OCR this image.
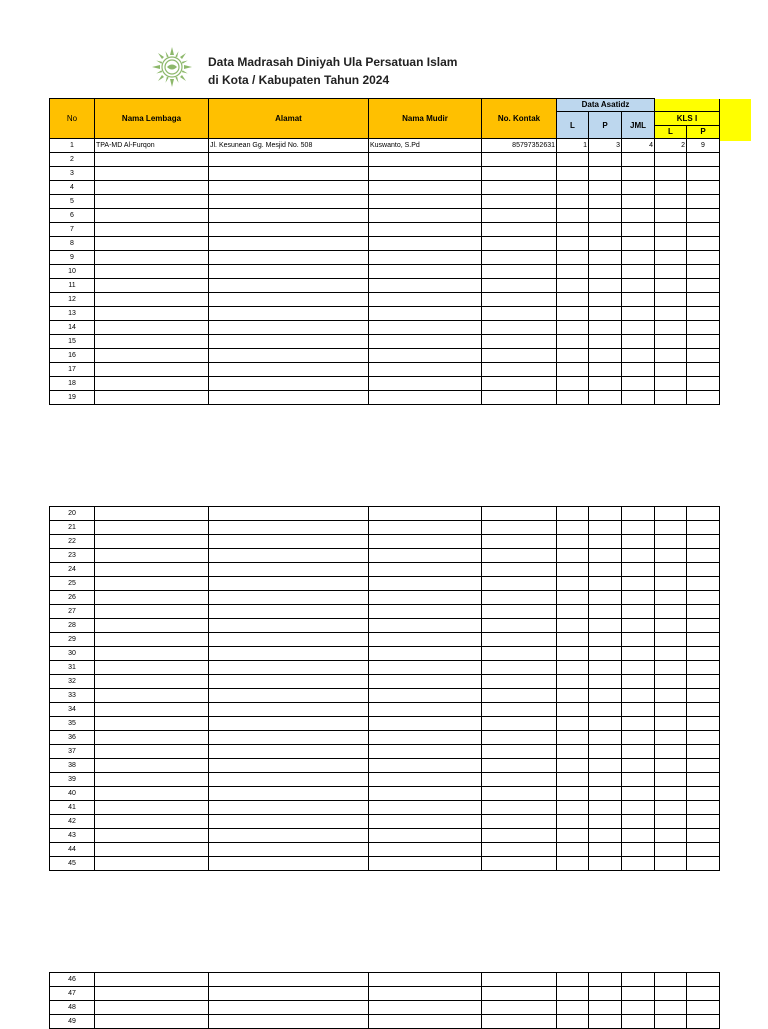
Data Madrasah Diniyah Ula Persatuan Islam
di Kota / Kabupaten Tahun 2024
No	Nama Lembaga	Alamat	Nama Mudir	No. Kontak	Data Asatidz				
					L	P	JML	KLS I	
								L	P
1	TPA-MD Al-Furqon	Jl. Kesunean Gg. Mesjid No. 508	Kuswanto, S.Pd	85797352631	1	3	4	2	9
2									
3									
4									
5									
6									
7									
8									
9									
10									
11									
12									
13									
14									
15									
16									
17									
18									
19									
20									
21									
22									
23									
24									
25									
26									
27									
28									
29									
30									
31									
32									
33									
34									
35									
36									
37									
38									
39									
40									
41									
42									
43									
44									
45									
46									
47									
48									
49									
